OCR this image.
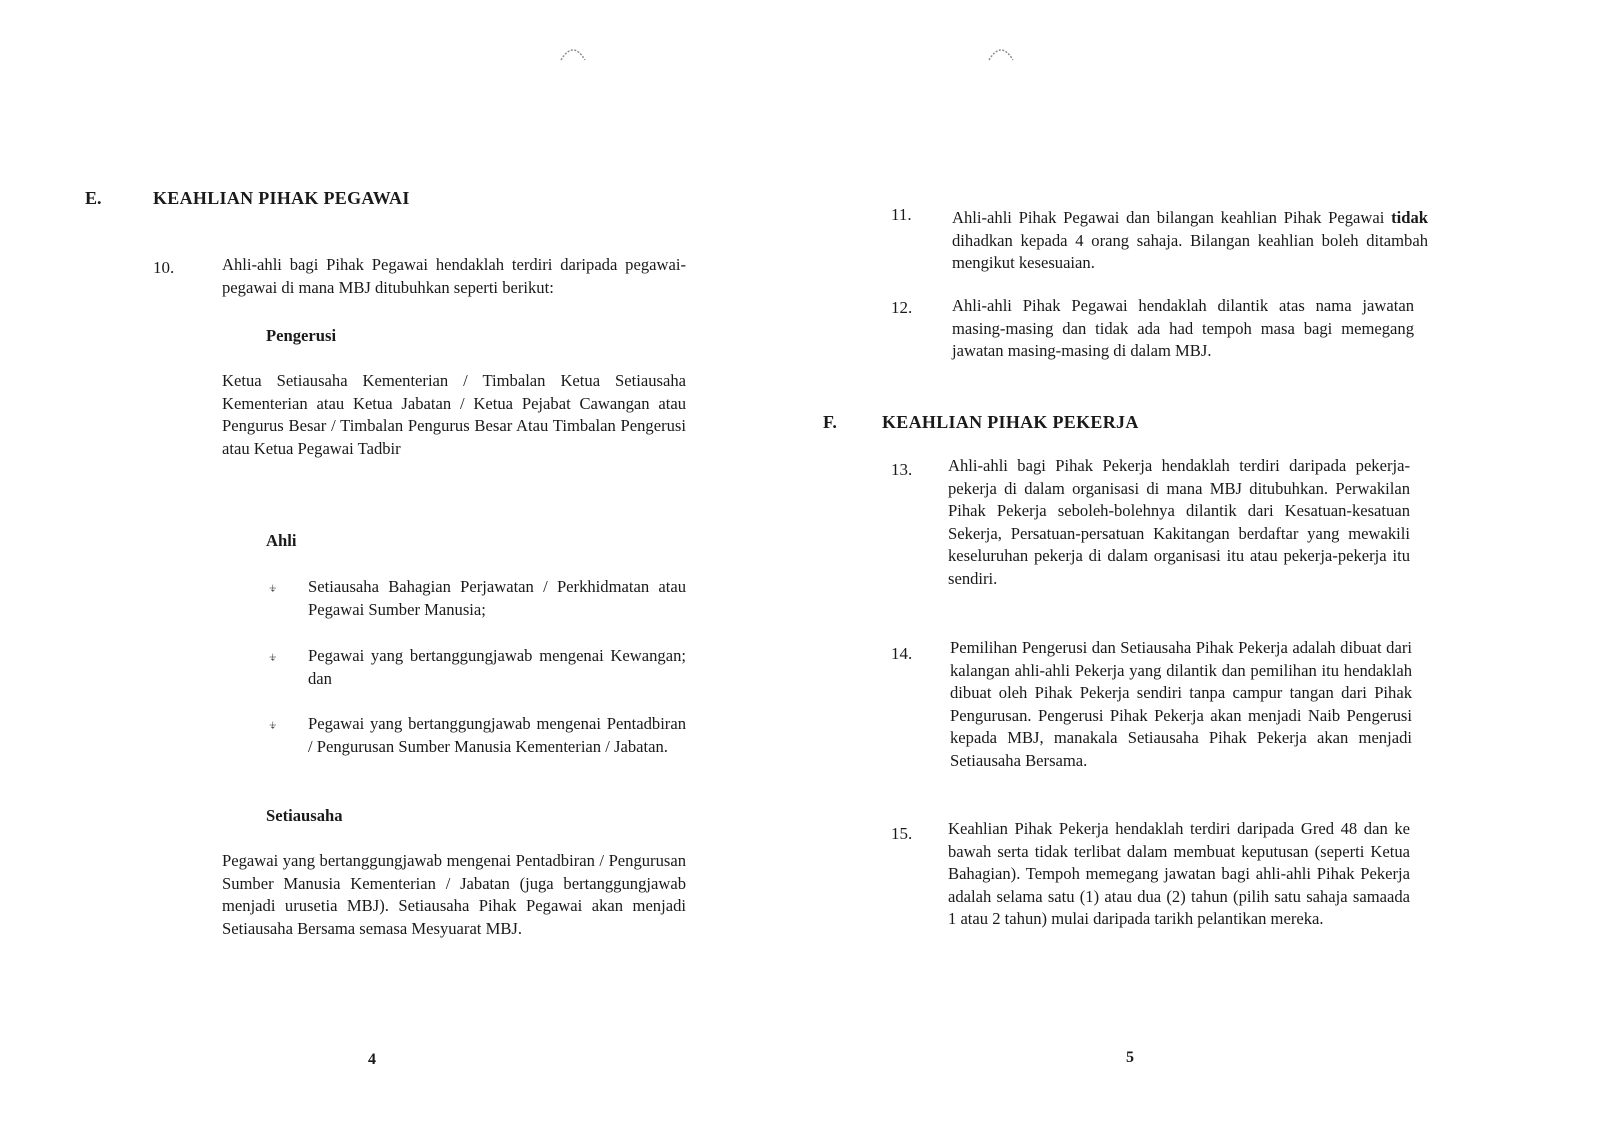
E.	KEAHLIAN PIHAK PEGAWAI
10.	Ahli-ahli bagi Pihak Pegawai hendaklah terdiri daripada pegawai-pegawai di mana MBJ ditubuhkan seperti berikut:
Pengerusi
Ketua Setiausaha Kementerian / Timbalan Ketua Setiausaha Kementerian atau Ketua Jabatan / Ketua Pejabat Cawangan atau Pengurus Besar / Timbalan Pengurus Besar Atau Timbalan Pengerusi atau Ketua Pegawai Tadbir
Ahli
⍖ Setiausaha Bahagian Perjawatan / Perkhidmatan atau Pegawai Sumber Manusia;
⍖ Pegawai yang bertanggungjawab mengenai Kewangan; dan
⍖ Pegawai yang bertanggungjawab mengenai Pentadbiran / Pengurusan Sumber Manusia Kementerian / Jabatan.
Setiausaha
Pegawai yang bertanggungjawab mengenai Pentadbiran / Pengurusan Sumber Manusia Kementerian / Jabatan (juga bertanggungjawab menjadi urusetia MBJ). Setiausaha Pihak Pegawai akan menjadi Setiausaha Bersama semasa Mesyuarat MBJ.
4
11. Ahli-ahli Pihak Pegawai dan bilangan keahlian Pihak Pegawai tidak dihadkan kepada 4 orang sahaja. Bilangan keahlian boleh ditambah mengikut kesesuaian.
12. Ahli-ahli Pihak Pegawai hendaklah dilantik atas nama jawatan masing-masing dan tidak ada had tempoh masa bagi memegang jawatan masing-masing di dalam MBJ.
F.	KEAHLIAN PIHAK PEKERJA
13. Ahli-ahli bagi Pihak Pekerja hendaklah terdiri daripada pekerja-pekerja di dalam organisasi di mana MBJ ditubuhkan. Perwakilan Pihak Pekerja seboleh-bolehnya dilantik dari Kesatuan-kesatuan Sekerja, Persatuan-persatuan Kakitangan berdaftar yang mewakili keseluruhan pekerja di dalam organisasi itu atau pekerja-pekerja itu sendiri.
14. Pemilihan Pengerusi dan Setiausaha Pihak Pekerja adalah dibuat dari kalangan ahli-ahli Pekerja yang dilantik dan pemilihan itu hendaklah dibuat oleh Pihak Pekerja sendiri tanpa campur tangan dari Pihak Pengurusan. Pengerusi Pihak Pekerja akan menjadi Naib Pengerusi kepada MBJ, manakala Setiausaha Pihak Pekerja akan menjadi Setiausaha Bersama.
15. Keahlian Pihak Pekerja hendaklah terdiri daripada Gred 48 dan ke bawah serta tidak terlibat dalam membuat keputusan (seperti Ketua Bahagian). Tempoh memegang jawatan bagi ahli-ahli Pihak Pekerja adalah selama satu (1) atau dua (2) tahun (pilih satu sahaja samaada 1 atau 2 tahun) mulai daripada tarikh pelantikan mereka.
5
